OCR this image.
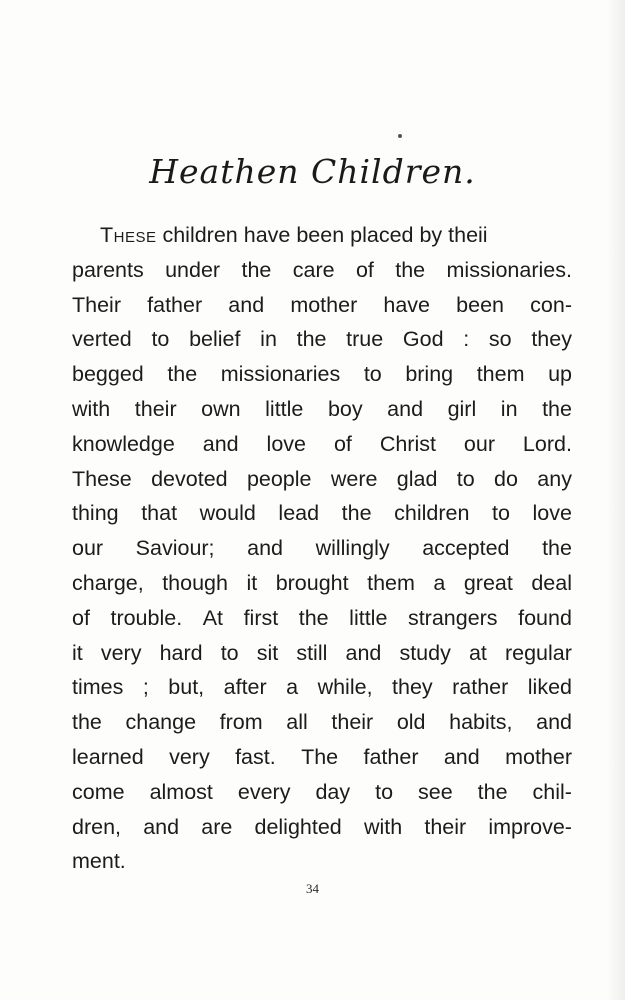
Heathen Children.
These children have been placed by theii
parents under the care of the missionaries.
Their father and mother have been con-
verted to belief in the true God : so they
begged the missionaries to bring them up
with their own little boy and girl in the
knowledge and love of Christ our Lord.
These devoted people were glad to do any
thing that would lead the children to love
our Saviour; and willingly accepted the
charge, though it brought them a great deal
of trouble. At first the little strangers found
it very hard to sit still and study at regular
times ; but, after a while, they rather liked
the change from all their old habits, and
learned very fast. The father and mother
come almost every day to see the chil-
dren, and are delighted with their improve-
ment.
34
